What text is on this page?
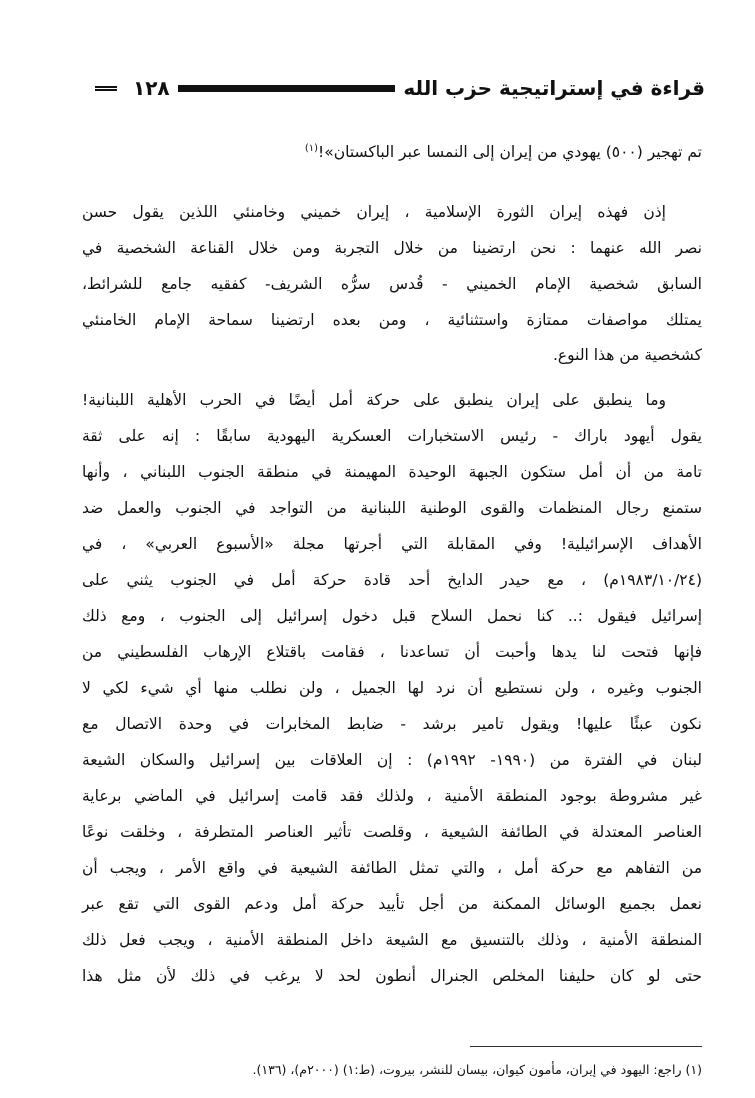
قراءة في إستراتيجية حزب الله
١٢٨
تم تهجير (٥٠٠) يهودي من إيران إلى النمسا عبر الباكستان»!$^{(١)}$
إذن فهذه إيران الثورة الإسلامية ، إيران خميني وخامنئي اللذين يقول حسن
نصر الله عنهما : نحن ارتضينا من خلال التجربة ومن خلال القناعة الشخصية في
السابق شخصية الإمام الخميني - قُدس سرُّه الشريف- كفقيه جامع للشرائط،
يمتلك مواصفات ممتازة واستثنائية ، ومن بعده ارتضينا سماحة الإمام الخامنئي
كشخصية من هذا النوع.
وما ينطبق على إيران ينطبق على حركة أمل أيضًا في الحرب الأهلية اللبنانية!
يقول أيهود باراك - رئيس الاستخبارات العسكرية اليهودية سابقًا : إنه على ثقة
تامة من أن أمل ستكون الجبهة الوحيدة المهيمنة في منطقة الجنوب اللبناني ، وأنها
ستمنع رجال المنظمات والقوى الوطنية اللبنانية من التواجد في الجنوب والعمل ضد
الأهداف الإسرائيلية! وفي المقابلة التي أجرتها مجلة «الأسبوع العربي» ، في
(١٩٨٣/١٠/٢٤م) ، مع حيدر الدايخ أحد قادة حركة أمل في الجنوب يثني على
إسرائيل فيقول :.. كنا نحمل السلاح قبل دخول إسرائيل إلى الجنوب ، ومع ذلك
فإنها فتحت لنا يدها وأحبت أن تساعدنا ، فقامت باقتلاع الإرهاب الفلسطيني من
الجنوب وغيره ، ولن نستطيع أن نرد لها الجميل ، ولن نطلب منها أي شيء لكي لا
نكون عبئًا عليها! ويقول تامير برشد - ضابط المخابرات في وحدة الاتصال مع
لبنان في الفترة من (١٩٩٠- ١٩٩٢م) : إن العلاقات بين إسرائيل والسكان الشيعة
غير مشروطة بوجود المنطقة الأمنية ، ولذلك فقد قامت إسرائيل في الماضي برعاية
العناصر المعتدلة في الطائفة الشيعية ، وقلصت تأثير العناصر المتطرفة ، وخلقت نوعًا
من التفاهم مع حركة أمل ، والتي تمثل الطائفة الشيعية في واقع الأمر ، ويجب أن
نعمل بجميع الوسائل الممكنة من أجل تأييد حركة أمل ودعم القوى التي تقع عبر
المنطقة الأمنية ، وذلك بالتنسيق مع الشيعة داخل المنطقة الأمنية ، ويجب فعل ذلك
حتى لو كان حليفنا المخلص الجنرال أنطون لحد لا يرغب في ذلك لأن مثل هذا
(١) راجع: اليهود في إيران، مأمون كيوان، بيسان للنشر، بيروت، (ط:١) (٢٠٠٠م)، (١٣٦).
